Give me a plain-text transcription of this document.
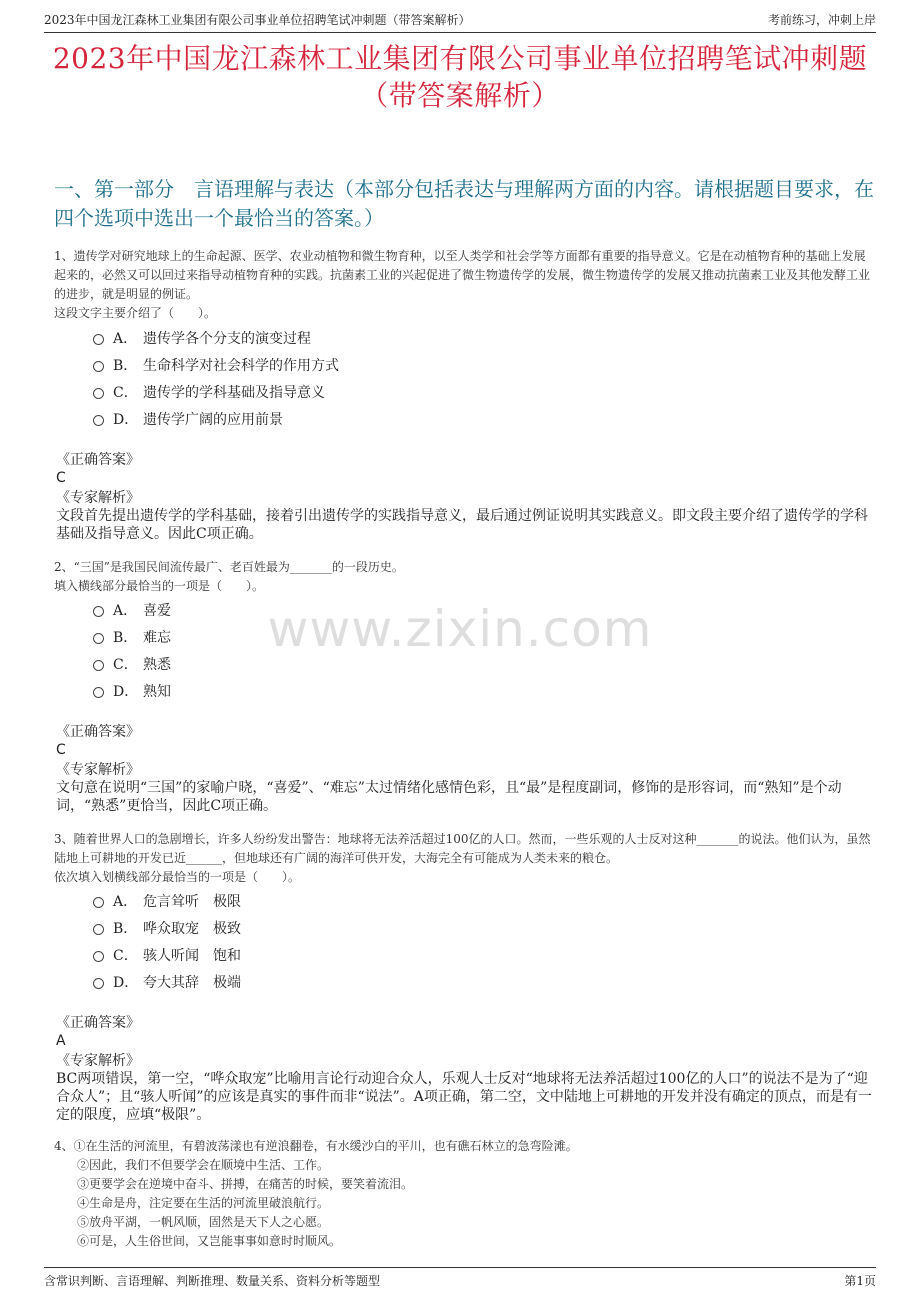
2023年中国龙江森林工业集团有限公司事业单位招聘笔试冲刺题（带答案解析）	考前练习，冲刺上岸
2023年中国龙江森林工业集团有限公司事业单位招聘笔试冲刺题（带答案解析）
一、第一部分　言语理解与表达（本部分包括表达与理解两方面的内容。请根据题目要求，在四个选项中选出一个最恰当的答案。）
www.zixin.com

1、遗传学对研究地球上的生命起源、医学、农业动植物和微生物育种，以至人类学和社会学等方面都有重要的指导意义。它是在动植物育种的基础上发展起来的，必然又可以回过来指导动植物育种的实践。抗菌素工业的兴起促进了微生物遗传学的发展，微生物遗传学的发展又推动抗菌素工业及其他发酵工业的进步，就是明显的例证。

这段文字主要介绍了（　　）。

A． 遗传学各个分支的演变过程
B． 生命科学对社会科学的作用方式
C． 遗传学的学科基础及指导意义
D． 遗传学广阔的应用前景
《正确答案》
C
《专家解析》
文段首先提出遗传学的学科基础，接着引出遗传学的实践指导意义，最后通过例证说明其实践意义。即文段主要介绍了遗传学的学科基础及指导意义。因此C项正确。

2、“三国”是我国民间流传最广、老百姓最为_______的一段历史。

填入横线部分最恰当的一项是（　　）。

A． 喜爱
B． 难忘
C． 熟悉
D． 熟知
《正确答案》
C
《专家解析》
文句意在说明“三国”的家喻户晓，“喜爱”、“难忘”太过情绪化感情色彩，且“最”是程度副词，修饰的是形容词，而“熟知”是个动词，“熟悉”更恰当，因此C项正确。

3、随着世界人口的急剧增长，许多人纷纷发出警告：地球将无法养活超过100亿的人口。然而，一些乐观的人士反对这种_______的说法。他们认为，虽然陆地上可耕地的开发已近______，但地球还有广阔的海洋可供开发，大海完全有可能成为人类未来的粮仓。

依次填入划横线部分最恰当的一项是（　　）。

A． 危言耸听　极限
B． 哗众取宠　极致
C． 骇人听闻　饱和
D． 夸大其辞　极端
《正确答案》
A
《专家解析》
BC两项错误，第一空，“哗众取宠”比喻用言论行动迎合众人，乐观人士反对“地球将无法养活超过100亿的人口”的说法不是为了“迎合众人”；且“骇人听闻”的应该是真实的事件而非“说法”。A项正确，第二空，文中陆地上可耕地的开发并没有确定的顶点，而是有一定的限度，应填“极限”。

4、①在生活的河流里，有碧波荡漾也有逆浪翻卷，有水缓沙白的平川，也有礁石林立的急弯险滩。

②因此，我们不但要学会在顺境中生活、工作。

③更要学会在逆境中奋斗、拼搏，在痛苦的时候，要笑着流泪。

④生命是舟，注定要在生活的河流里破浪航行。

⑤放舟平湖，一帆风顺，固然是天下人之心愿。

⑥可是，人生俗世间，又岂能事事如意时时顺风。

含常识判断、言语理解、判断推理、数量关系、资料分析等题型	第1页
